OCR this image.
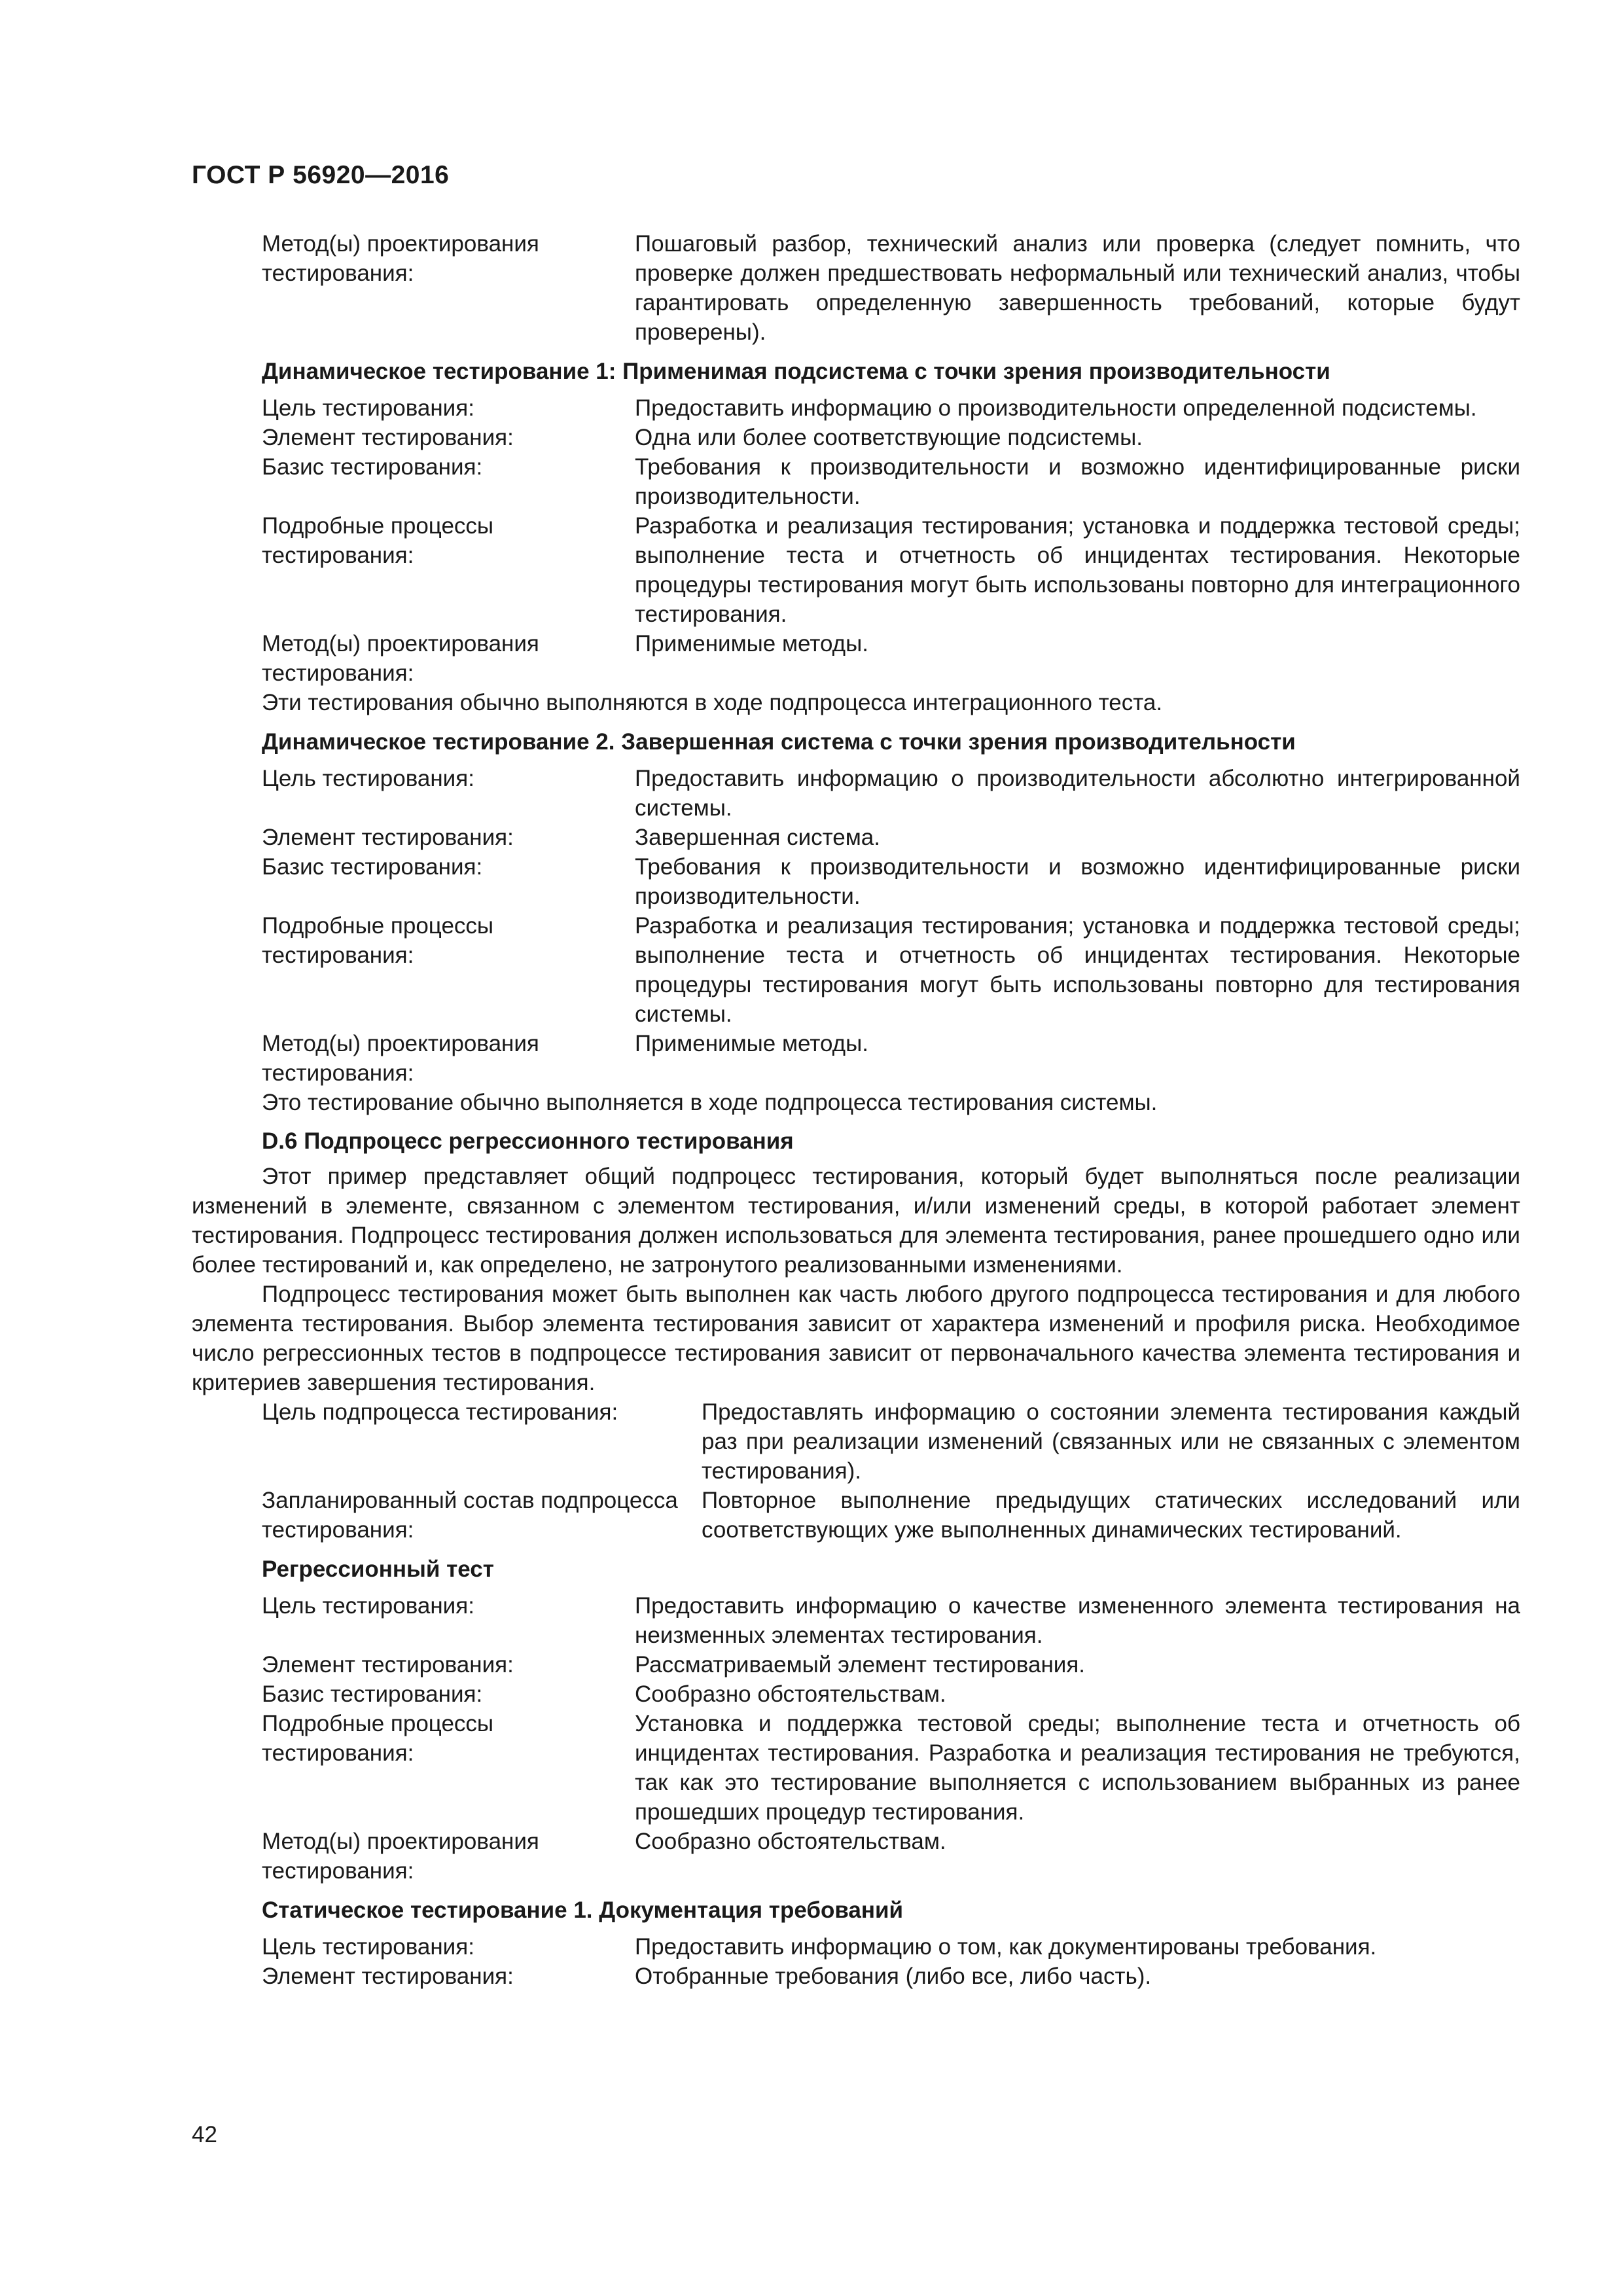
ГОСТ Р 56920—2016
Метод(ы) проектирования тестирования:
Пошаговый разбор, технический анализ или проверка (следует помнить, что проверке должен предшествовать неформальный или технический анализ, чтобы гарантировать определенную завершенность требований, которые будут проверены).
Динамическое тестирование 1: Применимая подсистема с точки зрения производительности
Цель тестирования:	Предоставить информацию о производительности определенной подсистемы.
Элемент тестирования:	Одна или более соответствующие подсистемы.
Базис тестирования:	Требования к производительности и возможно идентифицированные риски производительности.
Подробные процессы тестирования:
Разработка и реализация тестирования; установка и поддержка тестовой среды; выполнение теста и отчетность об инцидентах тестирования. Некоторые процедуры тестирования могут быть использованы повторно для интеграционного тестирования.
Метод(ы) проектирования тестирования:
Применимые методы.
Эти тестирования обычно выполняются в ходе подпроцесса интеграционного теста.
Динамическое тестирование 2. Завершенная система с точки зрения производительности
Цель тестирования:	Предоставить информацию о производительности абсолютно интегрированной системы.
Элемент тестирования:	Завершенная система.
Базис тестирования:	Требования к производительности и возможно идентифицированные риски производительности.
Подробные процессы тестирования:
Разработка и реализация тестирования; установка и поддержка тестовой среды; выполнение теста и отчетность об инцидентах тестирования. Некоторые процедуры тестирования могут быть использованы повторно для тестирования системы.
Метод(ы) проектирования тестирования:
Применимые методы.
Это тестирование обычно выполняется в ходе подпроцесса тестирования системы.
D.6 Подпроцесс регрессионного тестирования
Этот пример представляет общий подпроцесс тестирования, который будет выполняться после реализации изменений в элементе, связанном с элементом тестирования, и/или изменений среды, в которой работает элемент тестирования. Подпроцесс тестирования должен использоваться для элемента тестирования, ранее прошедшего одно или более тестирований и, как определено, не затронутого реализованными изменениями.
Подпроцесс тестирования может быть выполнен как часть любого другого подпроцесса тестирования и для любого элемента тестирования. Выбор элемента тестирования зависит от характера изменений и профиля риска. Необходимое число регрессионных тестов в подпроцессе тестирования зависит от первоначального качества элемента тестирования и критериев завершения тестирования.
Цель подпроцесса тестирования:	Предоставлять информацию о состоянии элемента тестирования каждый раз при реализации изменений (связанных или не связанных с элементом тестирования).
Запланированный состав подпроцесса тестирования:
Повторное выполнение предыдущих статических исследований или соответствующих уже выполненных динамических тестирований.
Регрессионный тест
Цель тестирования:	Предоставить информацию о качестве измененного элемента тестирования на неизменных элементах тестирования.
Элемент тестирования:	Рассматриваемый элемент тестирования.
Базис тестирования:	Сообразно обстоятельствам.
Подробные процессы тестирования:
Установка и поддержка тестовой среды; выполнение теста и отчетность об инцидентах тестирования. Разработка и реализация тестирования не требуются, так как это тестирование выполняется с использованием выбранных из ранее прошедших процедур тестирования.
Метод(ы) проектирования тестирования:
Сообразно обстоятельствам.
Статическое тестирование 1. Документация требований
Цель тестирования:	Предоставить информацию о том, как документированы требования.
Элемент тестирования:	Отобранные требования (либо все, либо часть).
42
